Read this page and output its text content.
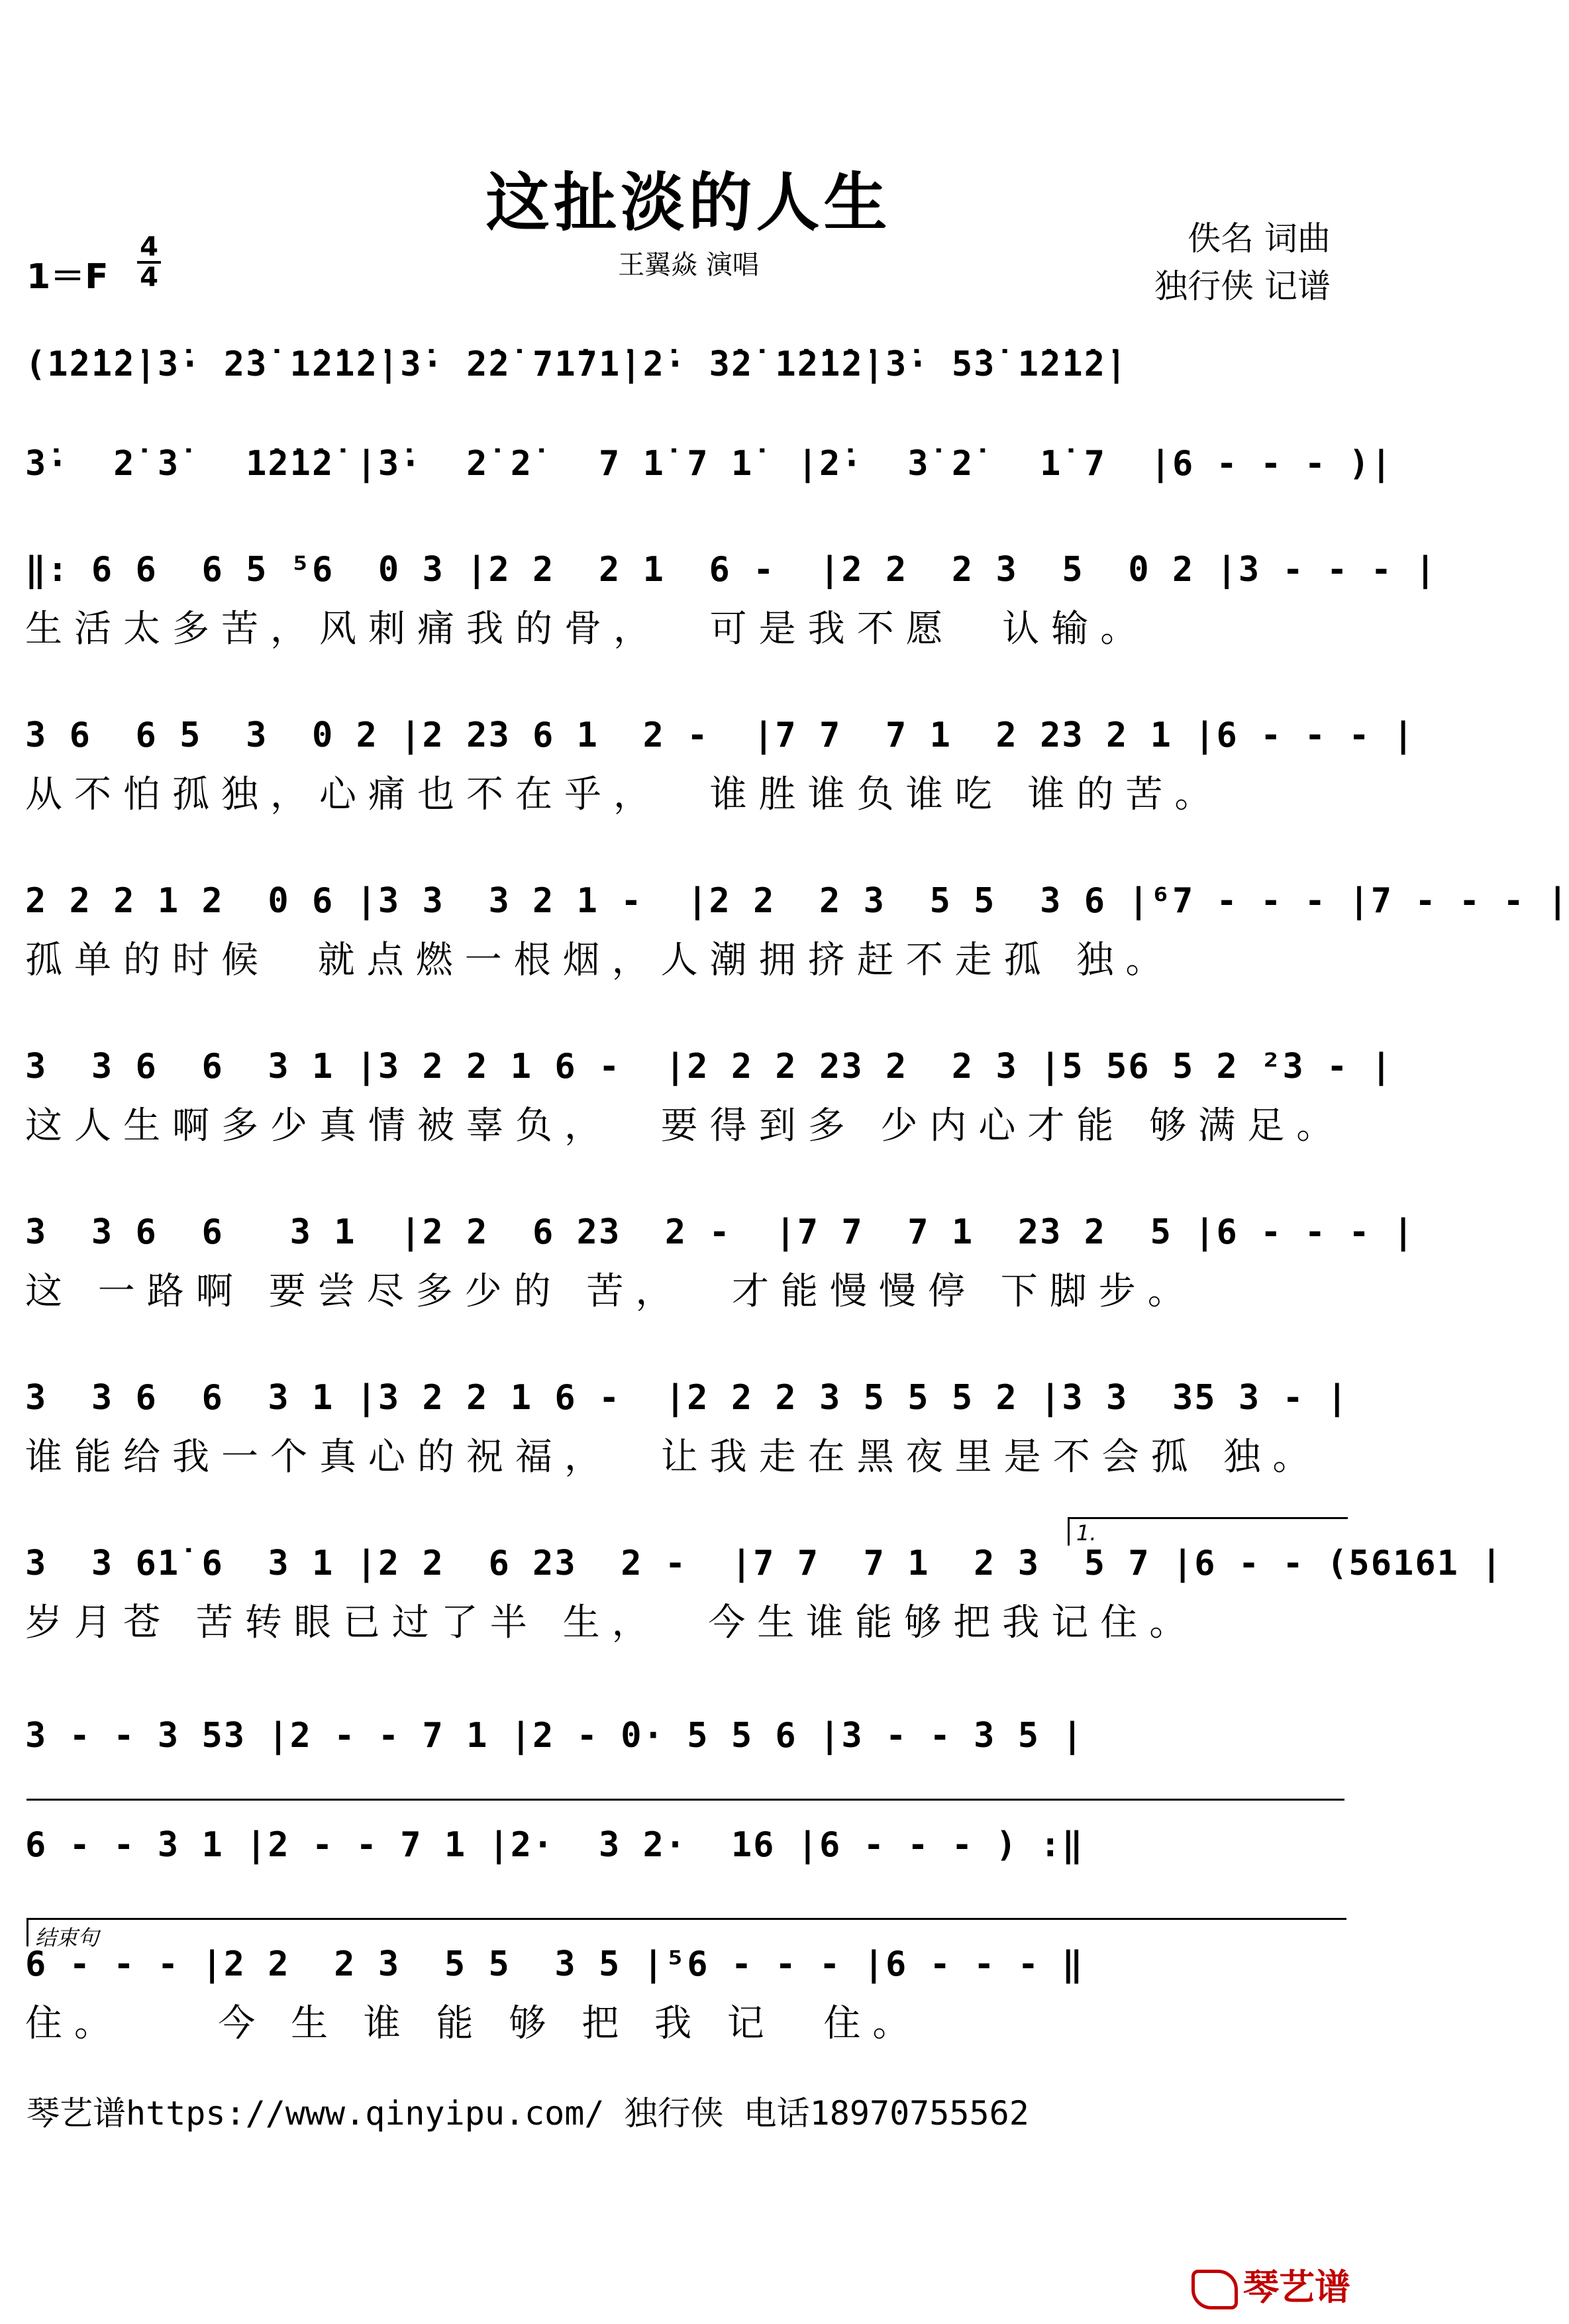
这扯淡的人生
王翼焱 演唱
佚名 词曲
独行侠 记谱
1＝F
4
4
(1̇2̇1̇2̇|3̇· 2̇3̇ 1̇2̇1̇2̇|3̇· 2̇2̇ 71̇71̇|2̇· 3̇2̇ 1̇2̇1̇2̇|3̇· 5̇3̇ 1̇2̇1̇2̇|
3̇·  2̇ 3̇   1̇2̇1̇2̇ |3̇·  2̇ 2̇   7 1̇ 7 1̇  |2̇·  3̇ 2̇   1̇ 7  |6 - - - )|
‖: 6 6  6 5 ⁵6  0 3 |2 2  2 1  6 -  |2 2  2 3  5  0 2 |3 - - - |
生活太多苦，风刺痛我的骨，  可是我不愿  认输。
3 6  6 5  3  0 2 |2 23 6 1  2 -  |7 7  7 1  2 23 2 1 |6 - - - |
从不怕孤独，心痛也不在乎，  谁胜谁负谁吃 谁的苦。
2 2 2 1 2  0 6 |3 3  3 2 1 -  |2 2  2 3  5 5  3 6 |⁶7 - - - |7 - - - |
孤单的时候  就点燃一根烟，人潮拥挤赶不走孤 独。
3  3 6  6  3 1 |3 2 2 1 6 -  |2 2 2 23 2  2 3 |5 56 5 2 ²3 - |
这人生啊多少真情被辜负，  要得到多 少内心才能 够满足。
3  3 6  6   3 1  |2 2  6 23  2 -  |7 7  7 1  23 2  5 |6 - - - |
这 一路啊 要尝尽多少的 苦，  才能慢慢停 下脚步。
3  3 6  6  3 1 |3 2 2 1 6 -  |2 2 2 3 5 5 5 2 |3 3  35 3 - |
谁能给我一个真心的祝福，  让我走在黑夜里是不会孤 独。
1.
3  3 61̇ 6  3 1 |2 2  6 23  2 -  |7 7  7 1  2 3  5 7 |6 - - (56161 |
岁月苍 苦转眼已过了半 生，  今生谁能够把我记住。
3 - - 3 53 |2 - - 7 1 |2 - 0· 5 5 6 |3 - - 3 5 |
6 - - 3 1 |2 - - 7 1 |2·  3 2·  16 |6 - - - ) :‖
结束句
6 - - - |2 2  2 3  5 5  3 5 |⁵6 - - - |6 - - - ‖
住。    今 生 谁 能 够 把 我 记  住。
琴艺谱https://www.qinyipu.com/ 独行侠 电话18970755562
琴艺谱
